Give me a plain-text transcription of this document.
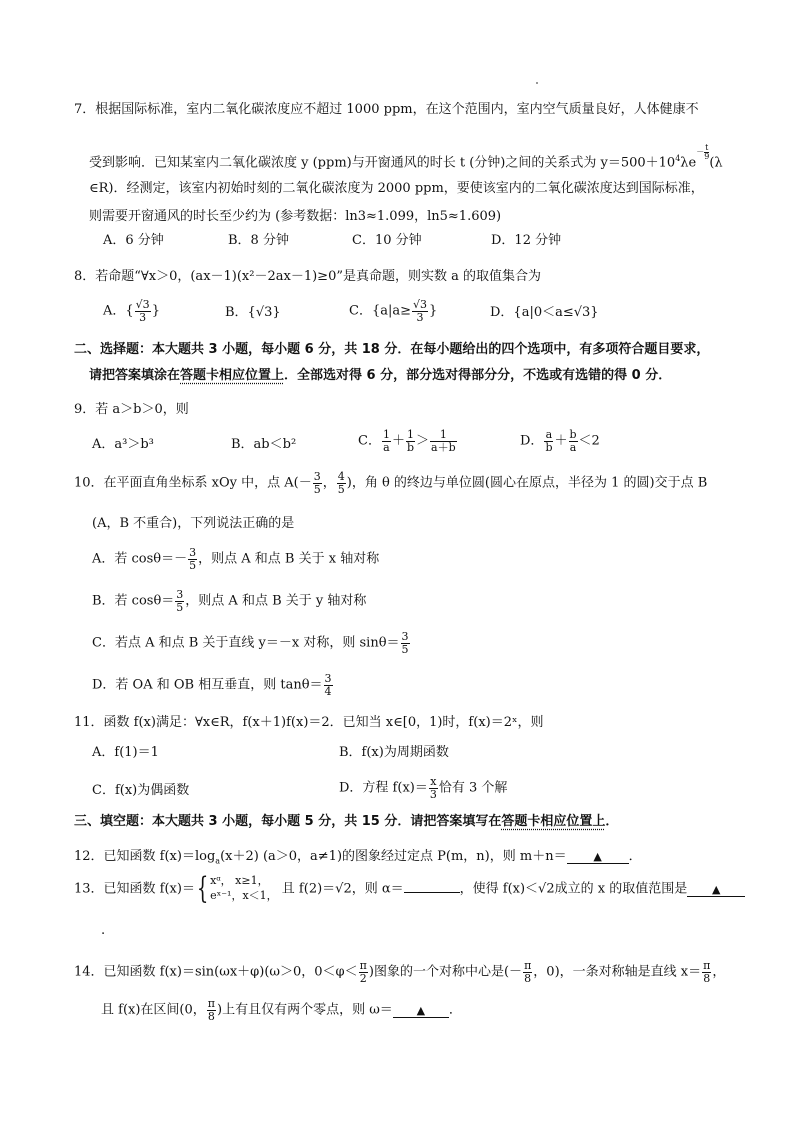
7．根据国际标准，室内二氧化碳浓度应不超过 1000 ppm，在这个范围内，室内空气质量良好，人体健康不
受到影响．已知某室内二氧化碳浓度 y (ppm)与开窗通风的时长 t (分钟)之间的关系式为 $y=500+10^4\lambda e- \frac{t}{9}$
(λ
∈R)．经测定，该室内初始时刻的二氧化碳浓度为 2000 ppm，要使该室内的二氧化碳浓度达到国际标准，
则需要开窗通风的时长至少约为 (参考数据：ln3≈1.099，ln5≈1.609)
A．6 分钟	B．8 分钟	C．10 分钟	D．12 分钟
8．若命题“∀x＞0，(ax－1)(x²－2ax－1)≥0”是真命题，则实数 a 的取值集合为
A．{ $\frac{√3}{3}$ }	B．{√3}	C．{$a|a\ge \frac{√3}{3}$ }	D．{a|0＜a≤√3}
二、选择题：本大题共 3 小题，每小题 6 分，共 18 分．在每小题给出的四个选项中，有多项符合题目要求，
请把答案填涂在答题卡相应位置上．全部选对得 6 分，部分选对得部分分，不选或有选错的得 0 分．
9．若 a＞b＞0，则
A．a³＞b³	B．ab＜b²	C． $\frac{1}{a} + \frac{1}{b} > \frac{1}{a+b}$	D． $\frac{a}{b} + \frac{b}{a} <2$
10．在平面直角坐标系 xOy 中，点 $A(- \frac{3}{5}$ ， $\frac{4}{5}$ )，角 θ 的终边与单位圆(圆心在原点，半径为 1 的圆)交于点 B
(A，B 不重合)，下列说法正确的是
A．若 $\cos\theta=- \frac{3}{5}$ ，则点 A 和点 B 关于 x 轴对称
B．若 $\cos\theta= \frac{3}{5}$ ，则点 A 和点 B 关于 y 轴对称
C．若点 A 和点 B 关于直线 y＝－x 对称，则 $\sin\theta= \frac{3}{5}$
D．若 OA 和 OB 相互垂直，则 $\tan\theta= \frac{3}{4}$
11．函数 f(x)满足：∀x∈R，f(x＋1)f(x)＝2．已知当 x∈[0，1)时，f(x)＝2ˣ，则
A．f(1)＝1	B．f(x)为周期函数
C．f(x)为偶函数	D．方程 $f(x)= \frac{x}{3}$ 恰有 3 个解
三、填空题：本大题共 3 小题，每小题 5 分，共 15 分．请把答案填写在答题卡相应位置上．
12．已知函数 $f(x)=\log_a(x+2)$ (a＞0，a≠1)的图象经过定点 P(m，n)，则 m＋n＝ ▲ ．
13．已知函数 f(x)＝{ xᵅ， x≥1，
eˣ⁻¹，x＜1， 且 f(2)＝√2，则 α＝	，使得 f(x)＜√2成立的 x 的取值范围是 ▲
.
14．已知函数 f(x)＝sin(ωx＋φ)(ω＞0，$0<\varphi< \frac{\pi}{2}$ )图象的一个对称中心是(－ $\frac{\pi}{8}$ ，0)，一条对称轴是直线 $x= \frac{\pi}{8}$ ，
且 f(x)在区间(0， $\frac{\pi}{8}$ )上有且仅有两个零点，则 ω＝ ▲ ．
